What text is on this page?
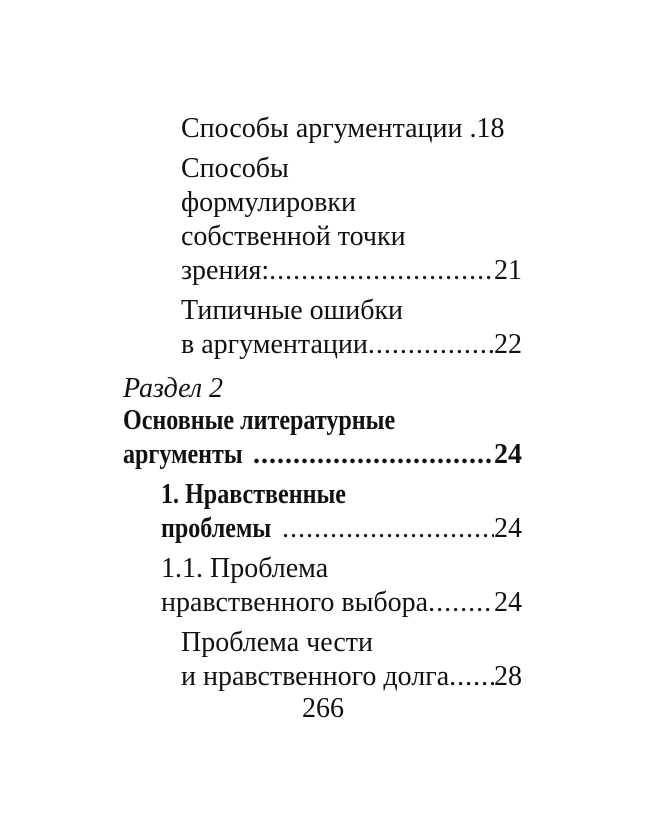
Способы аргументации .18
Способы
формулировки
собственной точки
зрения: .....	21
Типичные ошибки
в аргументации .....	22
Раздел 2
Основные литературные
аргументы .....	24
1. Нравственные
проблемы .....	24
1.1. Проблема
нравственного выбора ..... 24
Проблема чести
и нравственного долга ..... 28
266
